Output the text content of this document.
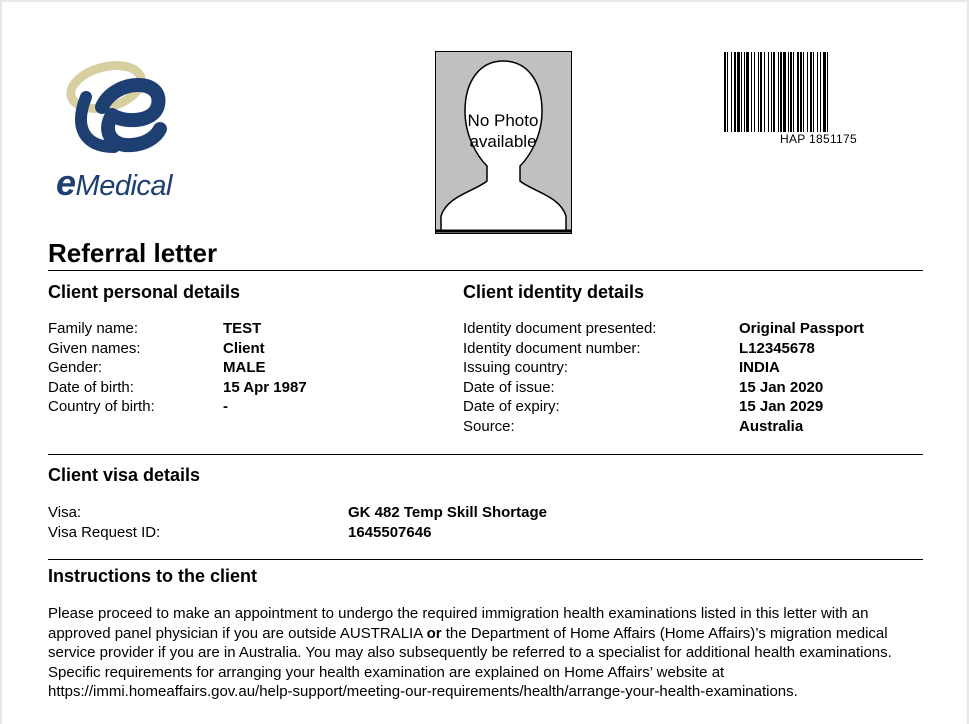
eMedical
No Photo
available	HAP 1851175
Referral letter
Client personal details
Family name:
Given names:
Gender:
Date of birth:
Country of birth:
TEST
Client
MALE
15 Apr 1987
-
Client identity details
Identity document presented:
Identity document number:
Issuing country:
Date of issue:
Date of expiry:
Source:
Original Passport
L12345678
INDIA
15 Jan 2020
15 Jan 2029
Australia
Client visa details
Visa:
Visa Request ID:
GK 482 Temp Skill Shortage
1645507646
Instructions to the client
Please proceed to make an appointment to undergo the required immigration health examinations listed in this letter with an approved panel physician if you are outside AUSTRALIA or the Department of Home Affairs (Home Affairs)’s migration medical service provider if you are in Australia. You may also subsequently be referred to a specialist for additional health examinations. Specific requirements for arranging your health examination are explained on Home Affairs’ website at https://immi.homeaffairs.gov.au/help-support/meeting-our-requirements/health/arrange-your-health-examinations.
